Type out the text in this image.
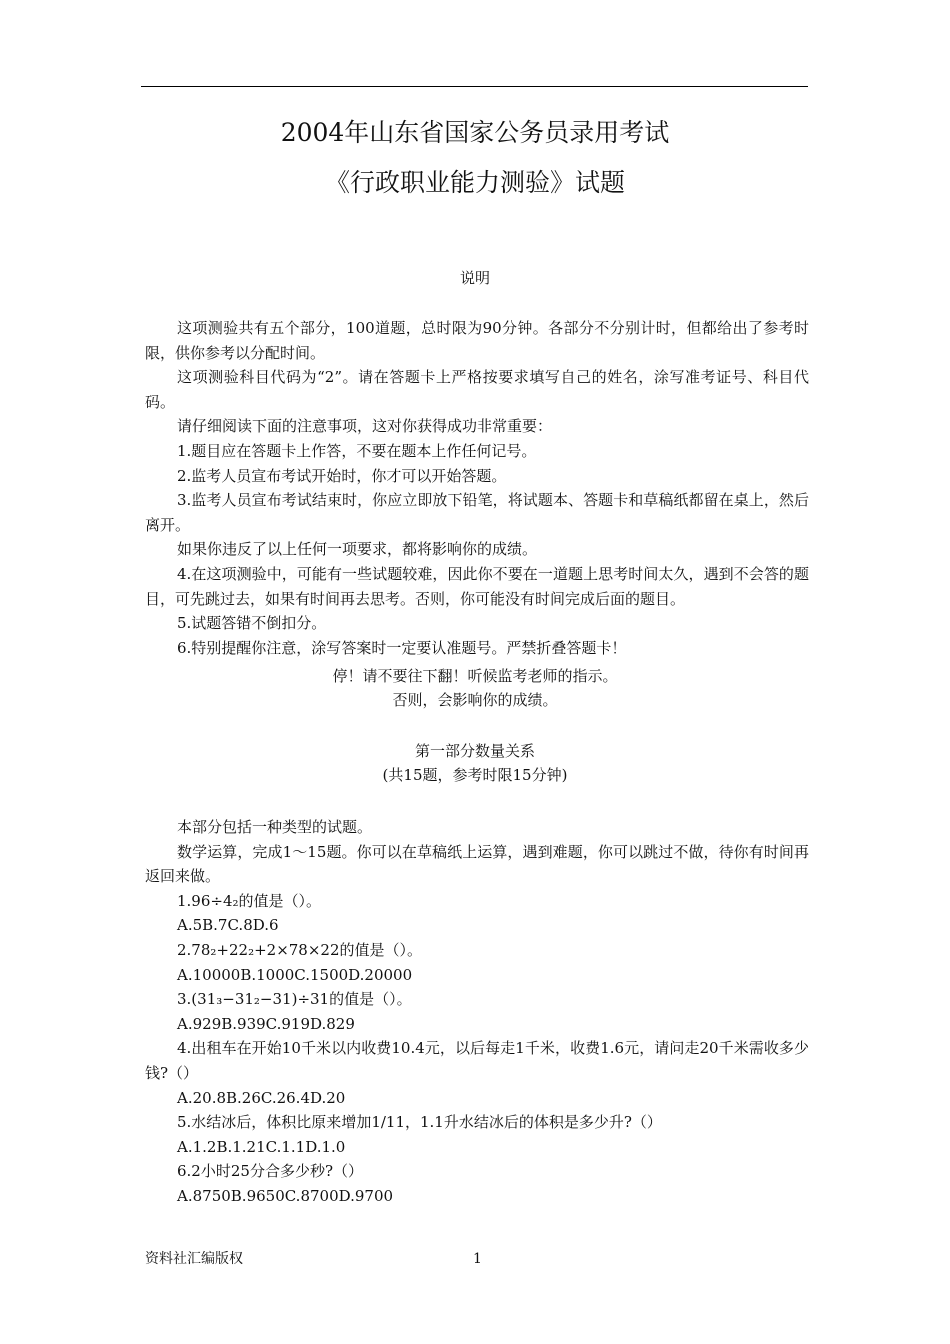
2004年山东省国家公务员录用考试
《行政职业能力测验》试题
说明

这项测验共有五个部分，100道题，总时限为90分钟。各部分不分别计时，但都给出了参考时限，供你参考以分配时间。

这项测验科目代码为“2”。请在答题卡上严格按要求填写自己的姓名，涂写准考证号、科目代码。

请仔细阅读下面的注意事项，这对你获得成功非常重要：

1.题目应在答题卡上作答，不要在题本上作任何记号。

2.监考人员宣布考试开始时，你才可以开始答题。

3.监考人员宣布考试结束时，你应立即放下铅笔，将试题本、答题卡和草稿纸都留在桌上，然后离开。

如果你违反了以上任何一项要求，都将影响你的成绩。

4.在这项测验中，可能有一些试题较难，因此你不要在一道题上思考时间太久，遇到不会答的题目，可先跳过去，如果有时间再去思考。否则，你可能没有时间完成后面的题目。

5.试题答错不倒扣分。

6.特别提醒你注意，涂写答案时一定要认准题号。严禁折叠答题卡！

停！请不要往下翻！听候监考老师的指示。
否则，会影响你的成绩。
第一部分数量关系
(共15题，参考时限15分钟)

本部分包括一种类型的试题。

数学运算，完成1～15题。你可以在草稿纸上运算，遇到难题，你可以跳过不做，待你有时间再返回来做。

1.96÷4₂的值是（）。

A.5B.7C.8D.6

2.78₂+22₂+2×78×22的值是（）。

A.10000B.1000C.1500D.20000

3.(31₃−31₂−31)÷31的值是（）。

A.929B.939C.919D.829

4.出租车在开始10千米以内收费10.4元，以后每走1千米，收费1.6元，请问走20千米需收多少钱?（）

A.20.8B.26C.26.4D.20

5.水结冰后，体积比原来增加1/11，1.1升水结冰后的体积是多少升?（）

A.1.2B.1.21C.1.1D.1.0

6.2小时25分合多少秒?（）

A.8750B.9650C.8700D.9700

资料社汇编版权	1
